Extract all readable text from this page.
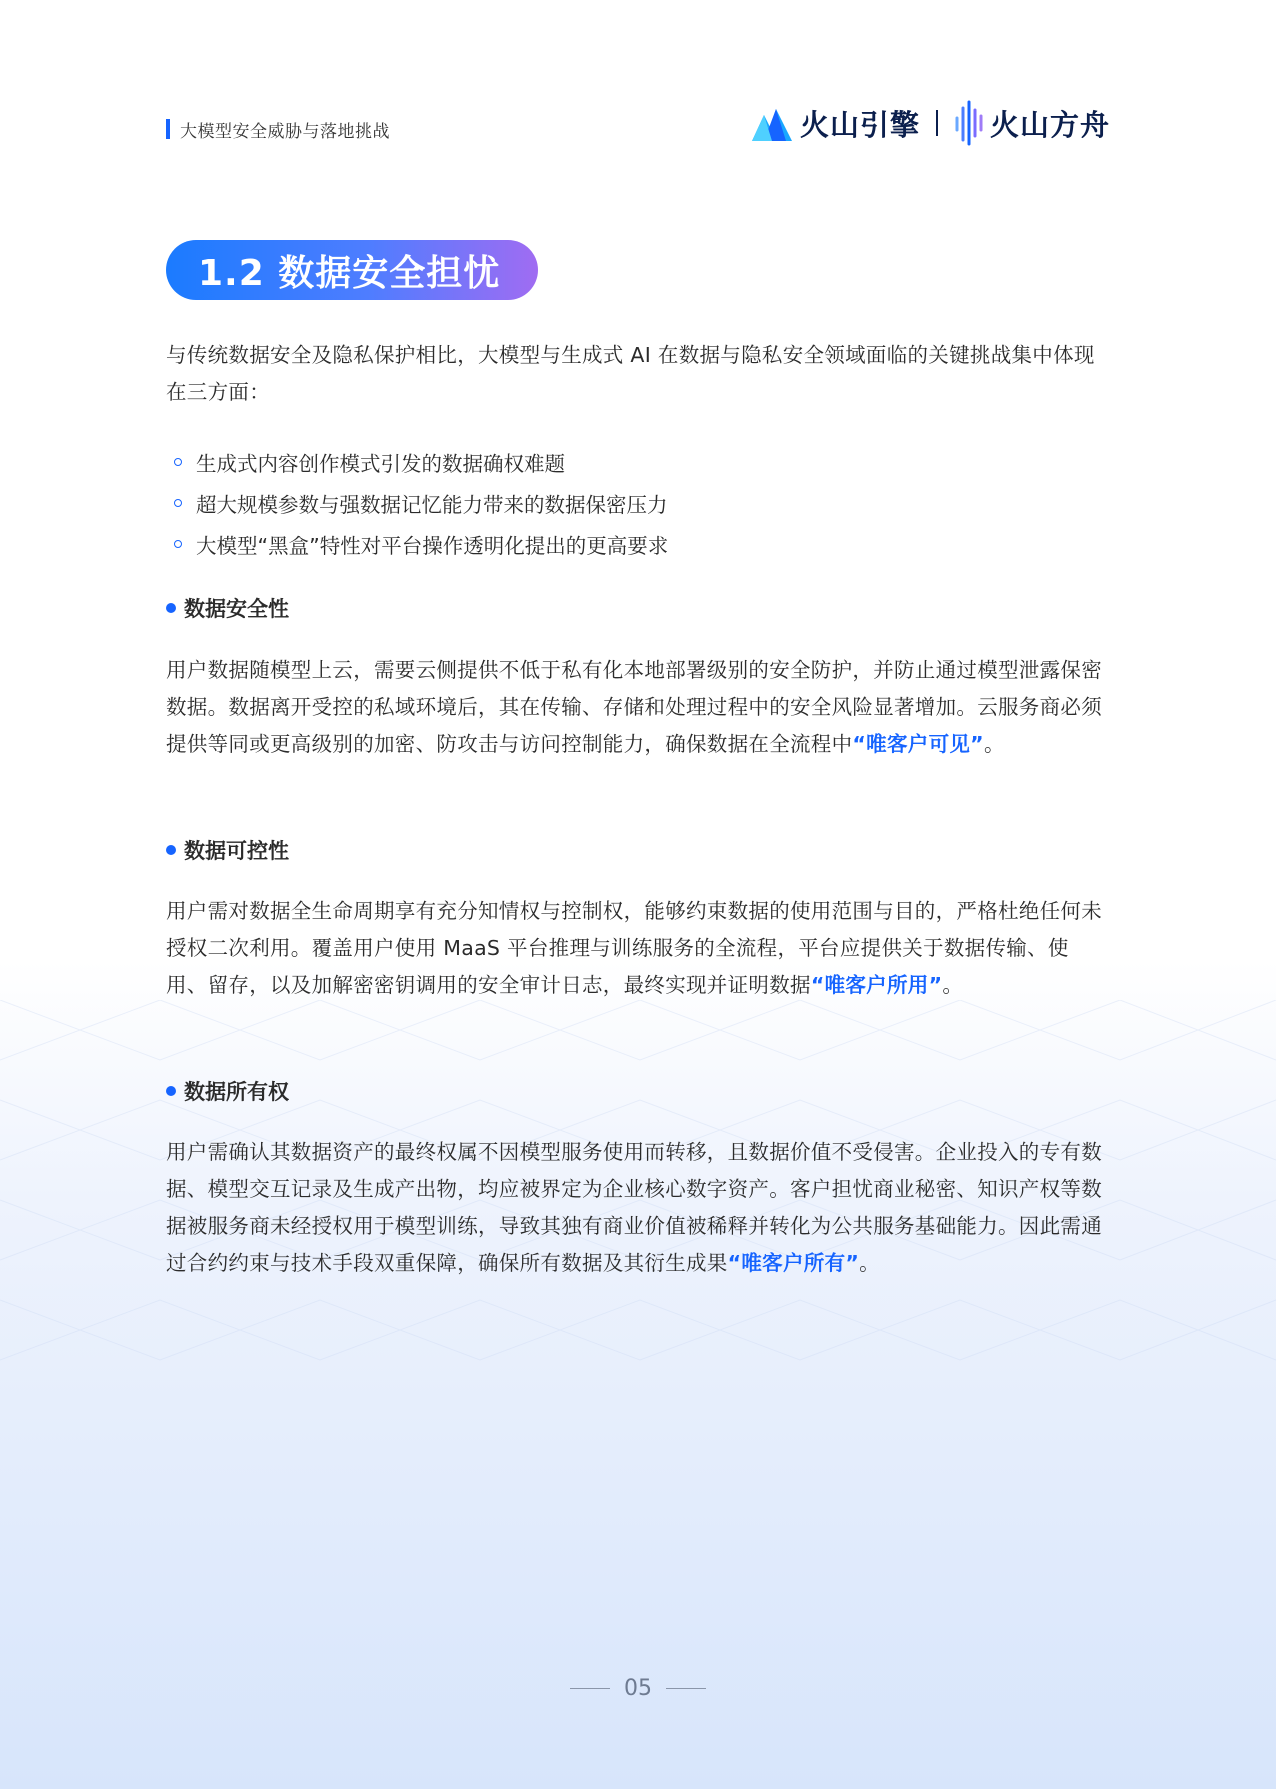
大模型安全威胁与落地挑战	火山引擎 火山方舟
1.2 数据安全担忧
与传统数据安全及隐私保护相比，大模型与生成式 AI 在数据与隐私安全领域面临的关键挑战集中体现在三方面：
生成式内容创作模式引发的数据确权难题
超大规模参数与强数据记忆能力带来的数据保密压力
大模型“黑盒”特性对平台操作透明化提出的更高要求
数据安全性
用户数据随模型上云，需要云侧提供不低于私有化本地部署级别的安全防护，并防止通过模型泄露保密数据。数据离开受控的私域环境后，其在传输、存储和处理过程中的安全风险显著增加。云服务商必须提供等同或更高级别的加密、防攻击与访问控制能力，确保数据在全流程中“唯客户可见”。
数据可控性
用户需对数据全生命周期享有充分知情权与控制权，能够约束数据的使用范围与目的，严格杜绝任何未授权二次利用。覆盖用户使用 MaaS 平台推理与训练服务的全流程，平台应提供关于数据传输、使用、留存，以及加解密密钥调用的安全审计日志，最终实现并证明数据“唯客户所用”。
数据所有权
用户需确认其数据资产的最终权属不因模型服务使用而转移，且数据价值不受侵害。企业投入的专有数据、模型交互记录及生成产出物，均应被界定为企业核心数字资产。客户担忧商业秘密、知识产权等数据被服务商未经授权用于模型训练，导致其独有商业价值被稀释并转化为公共服务基础能力。因此需通过合约约束与技术手段双重保障，确保所有数据及其衍生成果“唯客户所有”。
05
